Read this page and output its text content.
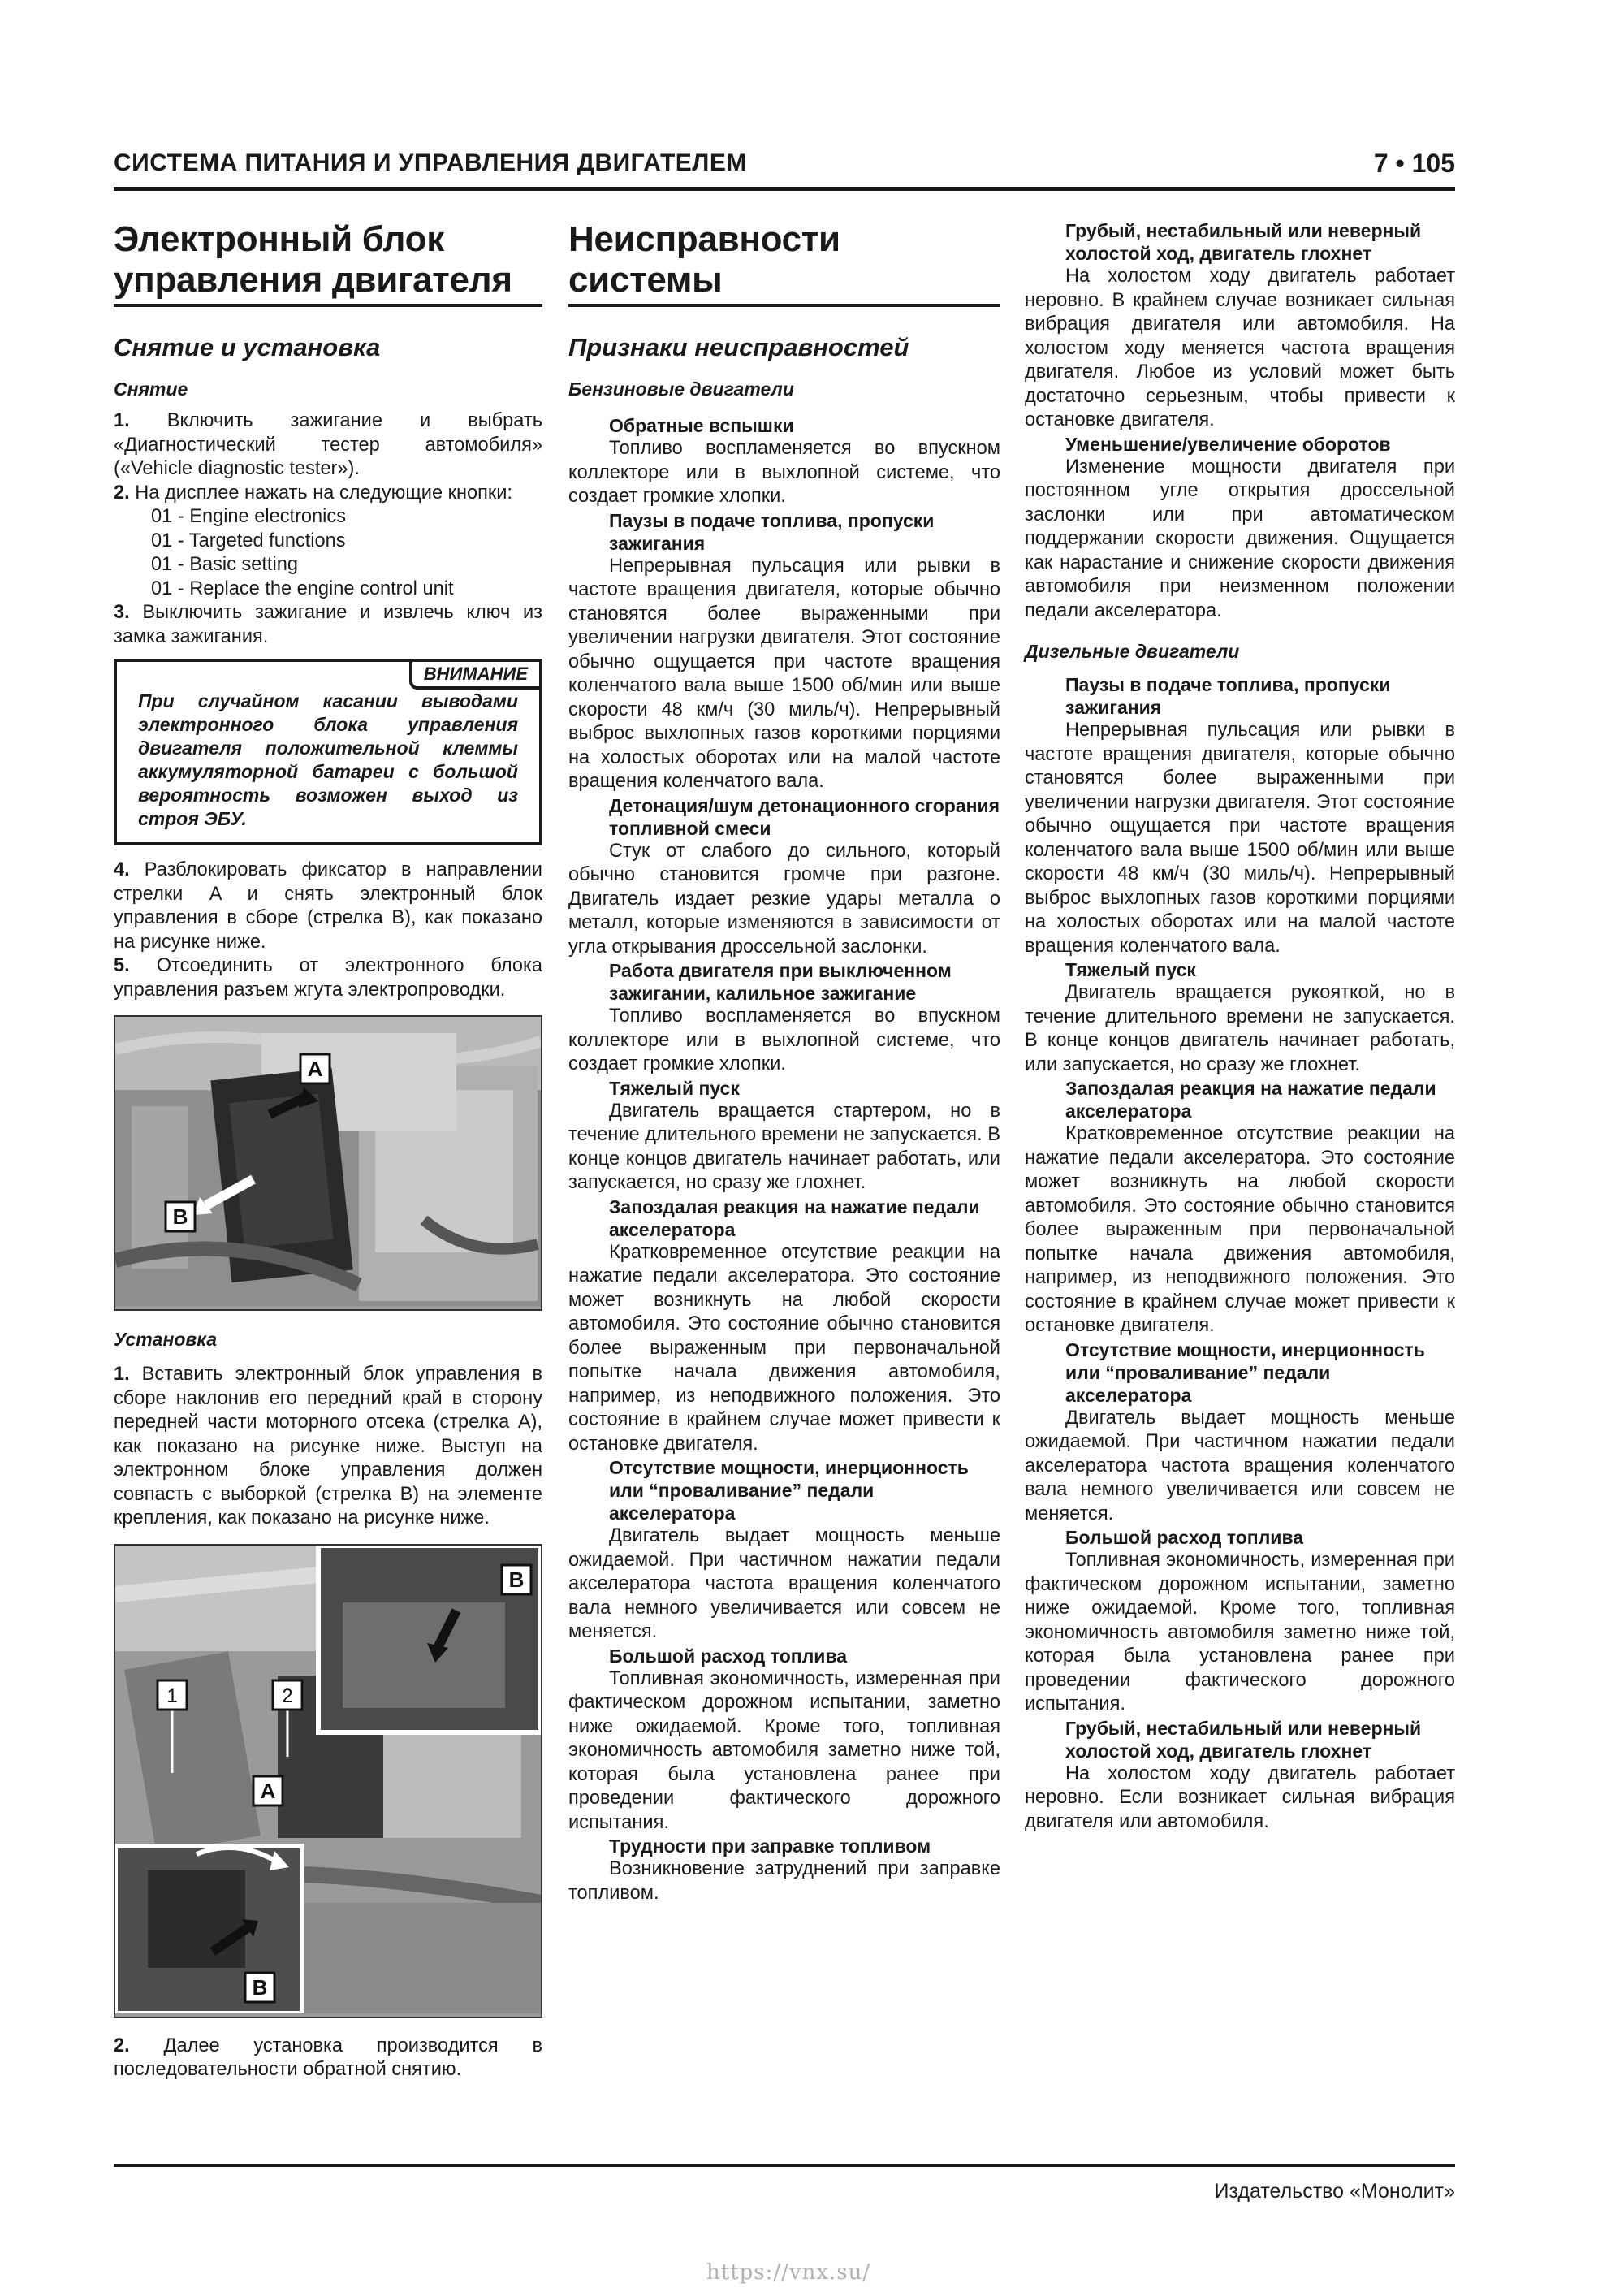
СИСТЕМА ПИТАНИЯ И УПРАВЛЕНИЯ ДВИГАТЕЛЕМ	7 • 105
Электронный блок управления двигателя
Снятие и установка
Снятие

1. Включить зажигание и выбрать «Диагностический тестер автомобиля» («Vehicle diagnostic tester»).

2. На дисплее нажать на следующие кнопки:

01 - Engine electronics
01 - Targeted functions
01 - Basic setting
01 - Replace the engine control unit

3. Выключить зажигание и извлечь ключ из замка зажигания.

ВНИМАНИЕ

При случайном касании выводами электронного блока управления двигателя положительной клеммы аккумуляторной батареи с большой вероятность возможен выход из строя ЭБУ.

4. Разблокировать фиксатор в направлении стрелки A и снять электронный блок управления в сборе (стрелка B), как показано на рисунке ниже.

5. Отсоединить от электронного блока управления разъем жгута электропроводки.

A
B
Установка

1. Вставить электронный блок управления в сборе наклонив его передний край в сторону передней части моторного отсека (стрелка A), как показано на рисунке ниже. Выступ на электронном блоке управления должен совпасть с выборкой (стрелка B) на элементе крепления, как показано на рисунке ниже.

B
1	2
A
B

2. Далее установка производится в последовательности обратной снятию.

Неисправности системы
Признаки неисправностей
Бензиновые двигатели
Обратные вспышки

Топливо воспламеняется во впускном коллекторе или в выхлопной системе, что создает громкие хлопки.

Паузы в подаче топлива, пропуски зажигания

Непрерывная пульсация или рывки в частоте вращения двигателя, которые обычно становятся более выраженными при увеличении нагрузки двигателя. Этот состояние обычно ощущается при частоте вращения коленчатого вала выше 1500 об/мин или выше скорости 48 км/ч (30 миль/ч). Непрерывный выброс выхлопных газов короткими порциями на холостых оборотах или на малой частоте вращения коленчатого вала.

Детонация/шум детонационного сгорания топливной смеси

Стук от слабого до сильного, который обычно становится громче при разгоне. Двигатель издает резкие удары металла о металл, которые изменяются в зависимости от угла открывания дроссельной заслонки.

Работа двигателя при выключенном зажигании, калильное зажигание

Топливо воспламеняется во впускном коллекторе или в выхлопной системе, что создает громкие хлопки.

Тяжелый пуск

Двигатель вращается стартером, но в течение длительного времени не запускается. В конце концов двигатель начинает работать, или запускается, но сразу же глохнет.

Запоздалая реакция на нажатие педали акселератора

Кратковременное отсутствие реакции на нажатие педали акселератора. Это состояние может возникнуть на любой скорости автомобиля. Это состояние обычно становится более выраженным при первоначальной попытке начала движения автомобиля, например, из неподвижного положения. Это состояние в крайнем случае может привести к остановке двигателя.

Отсутствие мощности, инерционность или “проваливание” педали акселератора

Двигатель выдает мощность меньше ожидаемой. При частичном нажатии педали акселератора частота вращения коленчатого вала немного увеличивается или совсем не меняется.

Большой расход топлива

Топливная экономичность, измеренная при фактическом дорожном испытании, заметно ниже ожидаемой. Кроме того, топливная экономичность автомобиля заметно ниже той, которая была установлена ранее при проведении фактического дорожного испытания.

Трудности при заправке топливом

Возникновение затруднений при заправке топливом.

Грубый, нестабильный или неверный холостой ход, двигатель глохнет

На холостом ходу двигатель работает неровно. В крайнем случае возникает сильная вибрация двигателя или автомобиля. На холостом ходу меняется частота вращения двигателя. Любое из условий может быть достаточно серьезным, чтобы привести к остановке двигателя.

Уменьшение/увеличение оборотов

Изменение мощности двигателя при постоянном угле открытия дроссельной заслонки или при автоматическом поддержании скорости движения. Ощущается как нарастание и снижение скорости движения автомобиля при неизменном положении педали акселератора.

Дизельные двигатели
Паузы в подаче топлива, пропуски зажигания

Непрерывная пульсация или рывки в частоте вращения двигателя, которые обычно становятся более выраженными при увеличении нагрузки двигателя. Этот состояние обычно ощущается при частоте вращения коленчатого вала выше 1500 об/мин или выше скорости 48 км/ч (30 миль/ч). Непрерывный выброс выхлопных газов короткими порциями на холостых оборотах или на малой частоте вращения коленчатого вала.

Тяжелый пуск

Двигатель вращается рукояткой, но в течение длительного времени не запускается. В конце концов двигатель начинает работать, или запускается, но сразу же глохнет.

Запоздалая реакция на нажатие педали акселератора

Кратковременное отсутствие реакции на нажатие педали акселератора. Это состояние может возникнуть на любой скорости автомобиля. Это состояние обычно становится более выраженным при первоначальной попытке начала движения автомобиля, например, из неподвижного положения. Это состояние в крайнем случае может привести к остановке двигателя.

Отсутствие мощности, инерционность или “проваливание” педали акселератора

Двигатель выдает мощность меньше ожидаемой. При частичном нажатии педали акселератора частота вращения коленчатого вала немного увеличивается или совсем не меняется.

Большой расход топлива

Топливная экономичность, измеренная при фактическом дорожном испытании, заметно ниже ожидаемой. Кроме того, топливная экономичность автомобиля заметно ниже той, которая была установлена ранее при проведении фактического дорожного испытания.

Грубый, нестабильный или неверный холостой ход, двигатель глохнет

На холостом ходу двигатель работает неровно. Если возникает сильная вибрация двигателя или автомобиля.

Издательство «Монолит»
https://vnx.su/
